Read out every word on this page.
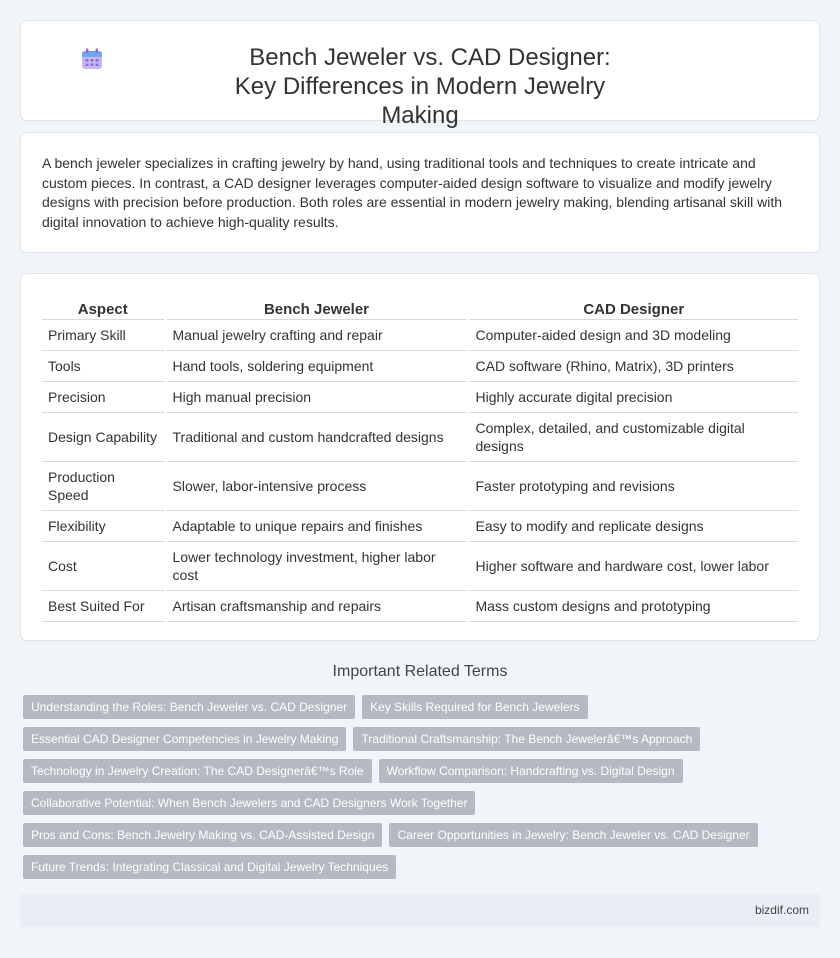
Bench Jeweler vs. CAD Designer: Key Differences in Modern Jewelry Making

A bench jeweler specializes in crafting jewelry by hand, using traditional tools and techniques to create intricate and custom pieces. In contrast, a CAD designer leverages computer-aided design software to visualize and modify jewelry designs with precision before production. Both roles are essential in modern jewelry making, blending artisanal skill with digital innovation to achieve high-quality results.

Aspect	Bench Jeweler	CAD Designer
Primary Skill	Manual jewelry crafting and repair	Computer-aided design and 3D modeling
Tools	Hand tools, soldering equipment	CAD software (Rhino, Matrix), 3D printers
Precision	High manual precision	Highly accurate digital precision
Design Capability	Traditional and custom handcrafted designs	Complex, detailed, and customizable digital designs
Production Speed	Slower, labor-intensive process	Faster prototyping and revisions
Flexibility	Adaptable to unique repairs and finishes	Easy to modify and replicate designs
Cost	Lower technology investment, higher labor cost	Higher software and hardware cost, lower labor
Best Suited For	Artisan craftsmanship and repairs	Mass custom designs and prototyping
Important Related Terms
Understanding the Roles: Bench Jeweler vs. CAD Designer	Key Skills Required for Bench Jewelers
Essential CAD Designer Competencies in Jewelry Making	Traditional Craftsmanship: The Bench Jewelerâ€™s Approach
Technology in Jewelry Creation: The CAD Designerâ€™s Role	Workflow Comparison: Handcrafting vs. Digital Design
Collaborative Potential: When Bench Jewelers and CAD Designers Work Together
Pros and Cons: Bench Jewelry Making vs. CAD-Assisted Design	Career Opportunities in Jewelry: Bench Jeweler vs. CAD Designer
Future Trends: Integrating Classical and Digital Jewelry Techniques
bizdif.com
